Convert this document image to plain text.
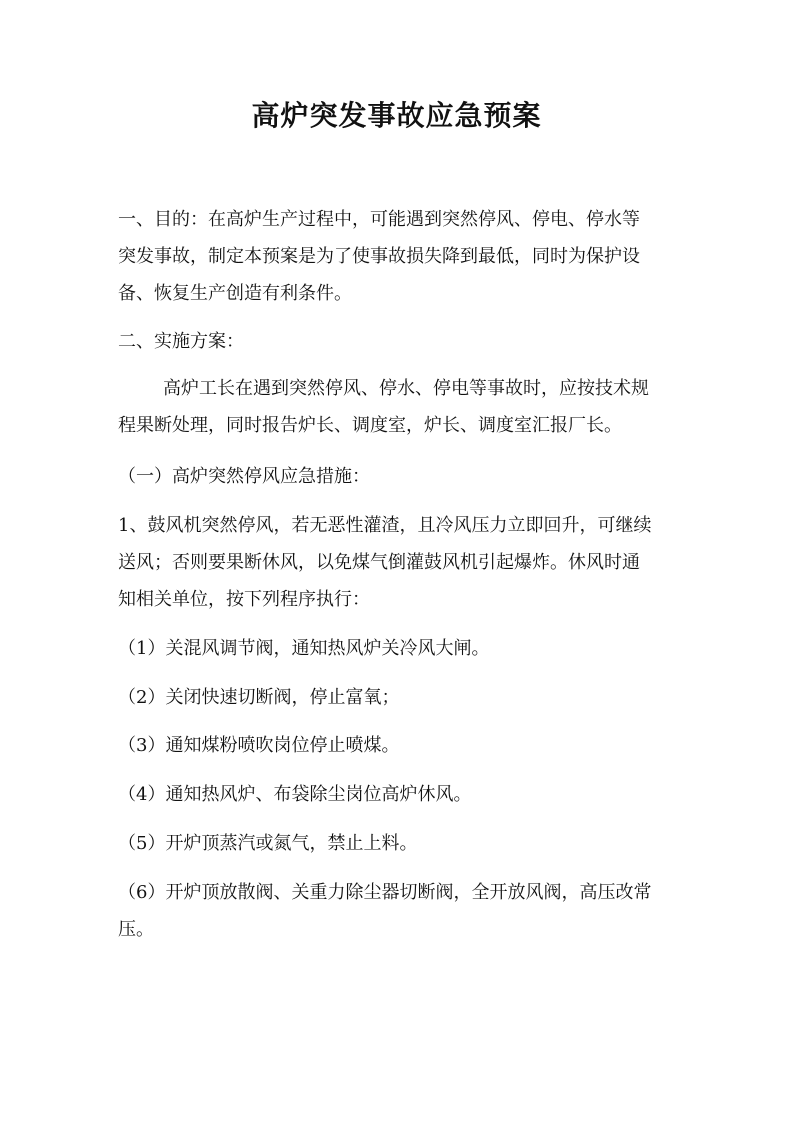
高炉突发事故应急预案
一、目的：在高炉生产过程中，可能遇到突然停风、停电、停水等
突发事故，制定本预案是为了使事故损失降到最低，同时为保护设
备、恢复生产创造有利条件。
二、实施方案：
高炉工长在遇到突然停风、停水、停电等事故时，应按技术规
程果断处理，同时报告炉长、调度室，炉长、调度室汇报厂长。
（一）高炉突然停风应急措施：
1、鼓风机突然停风，若无恶性灌渣，且冷风压力立即回升，可继续
送风；否则要果断休风，以免煤气倒灌鼓风机引起爆炸。休风时通
知相关单位，按下列程序执行：
（1）关混风调节阀，通知热风炉关冷风大闸。
（2）关闭快速切断阀，停止富氧；
（3）通知煤粉喷吹岗位停止喷煤。
（4）通知热风炉、布袋除尘岗位高炉休风。
（5）开炉顶蒸汽或氮气，禁止上料。
（6）开炉顶放散阀、关重力除尘器切断阀，全开放风阀，高压改常
压。
